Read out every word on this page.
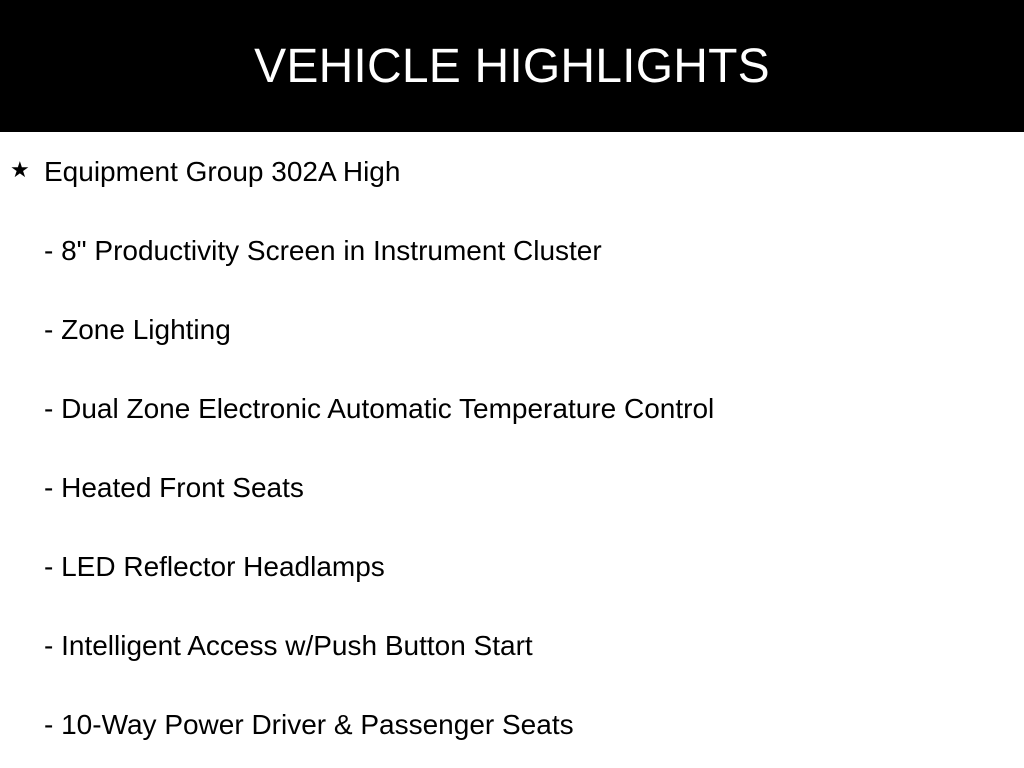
VEHICLE HIGHLIGHTS
★ Equipment Group 302A High
- 8" Productivity Screen in Instrument Cluster
- Zone Lighting
- Dual Zone Electronic Automatic Temperature Control
- Heated Front Seats
- LED Reflector Headlamps
- Intelligent Access w/Push Button Start
- 10-Way Power Driver & Passenger Seats
